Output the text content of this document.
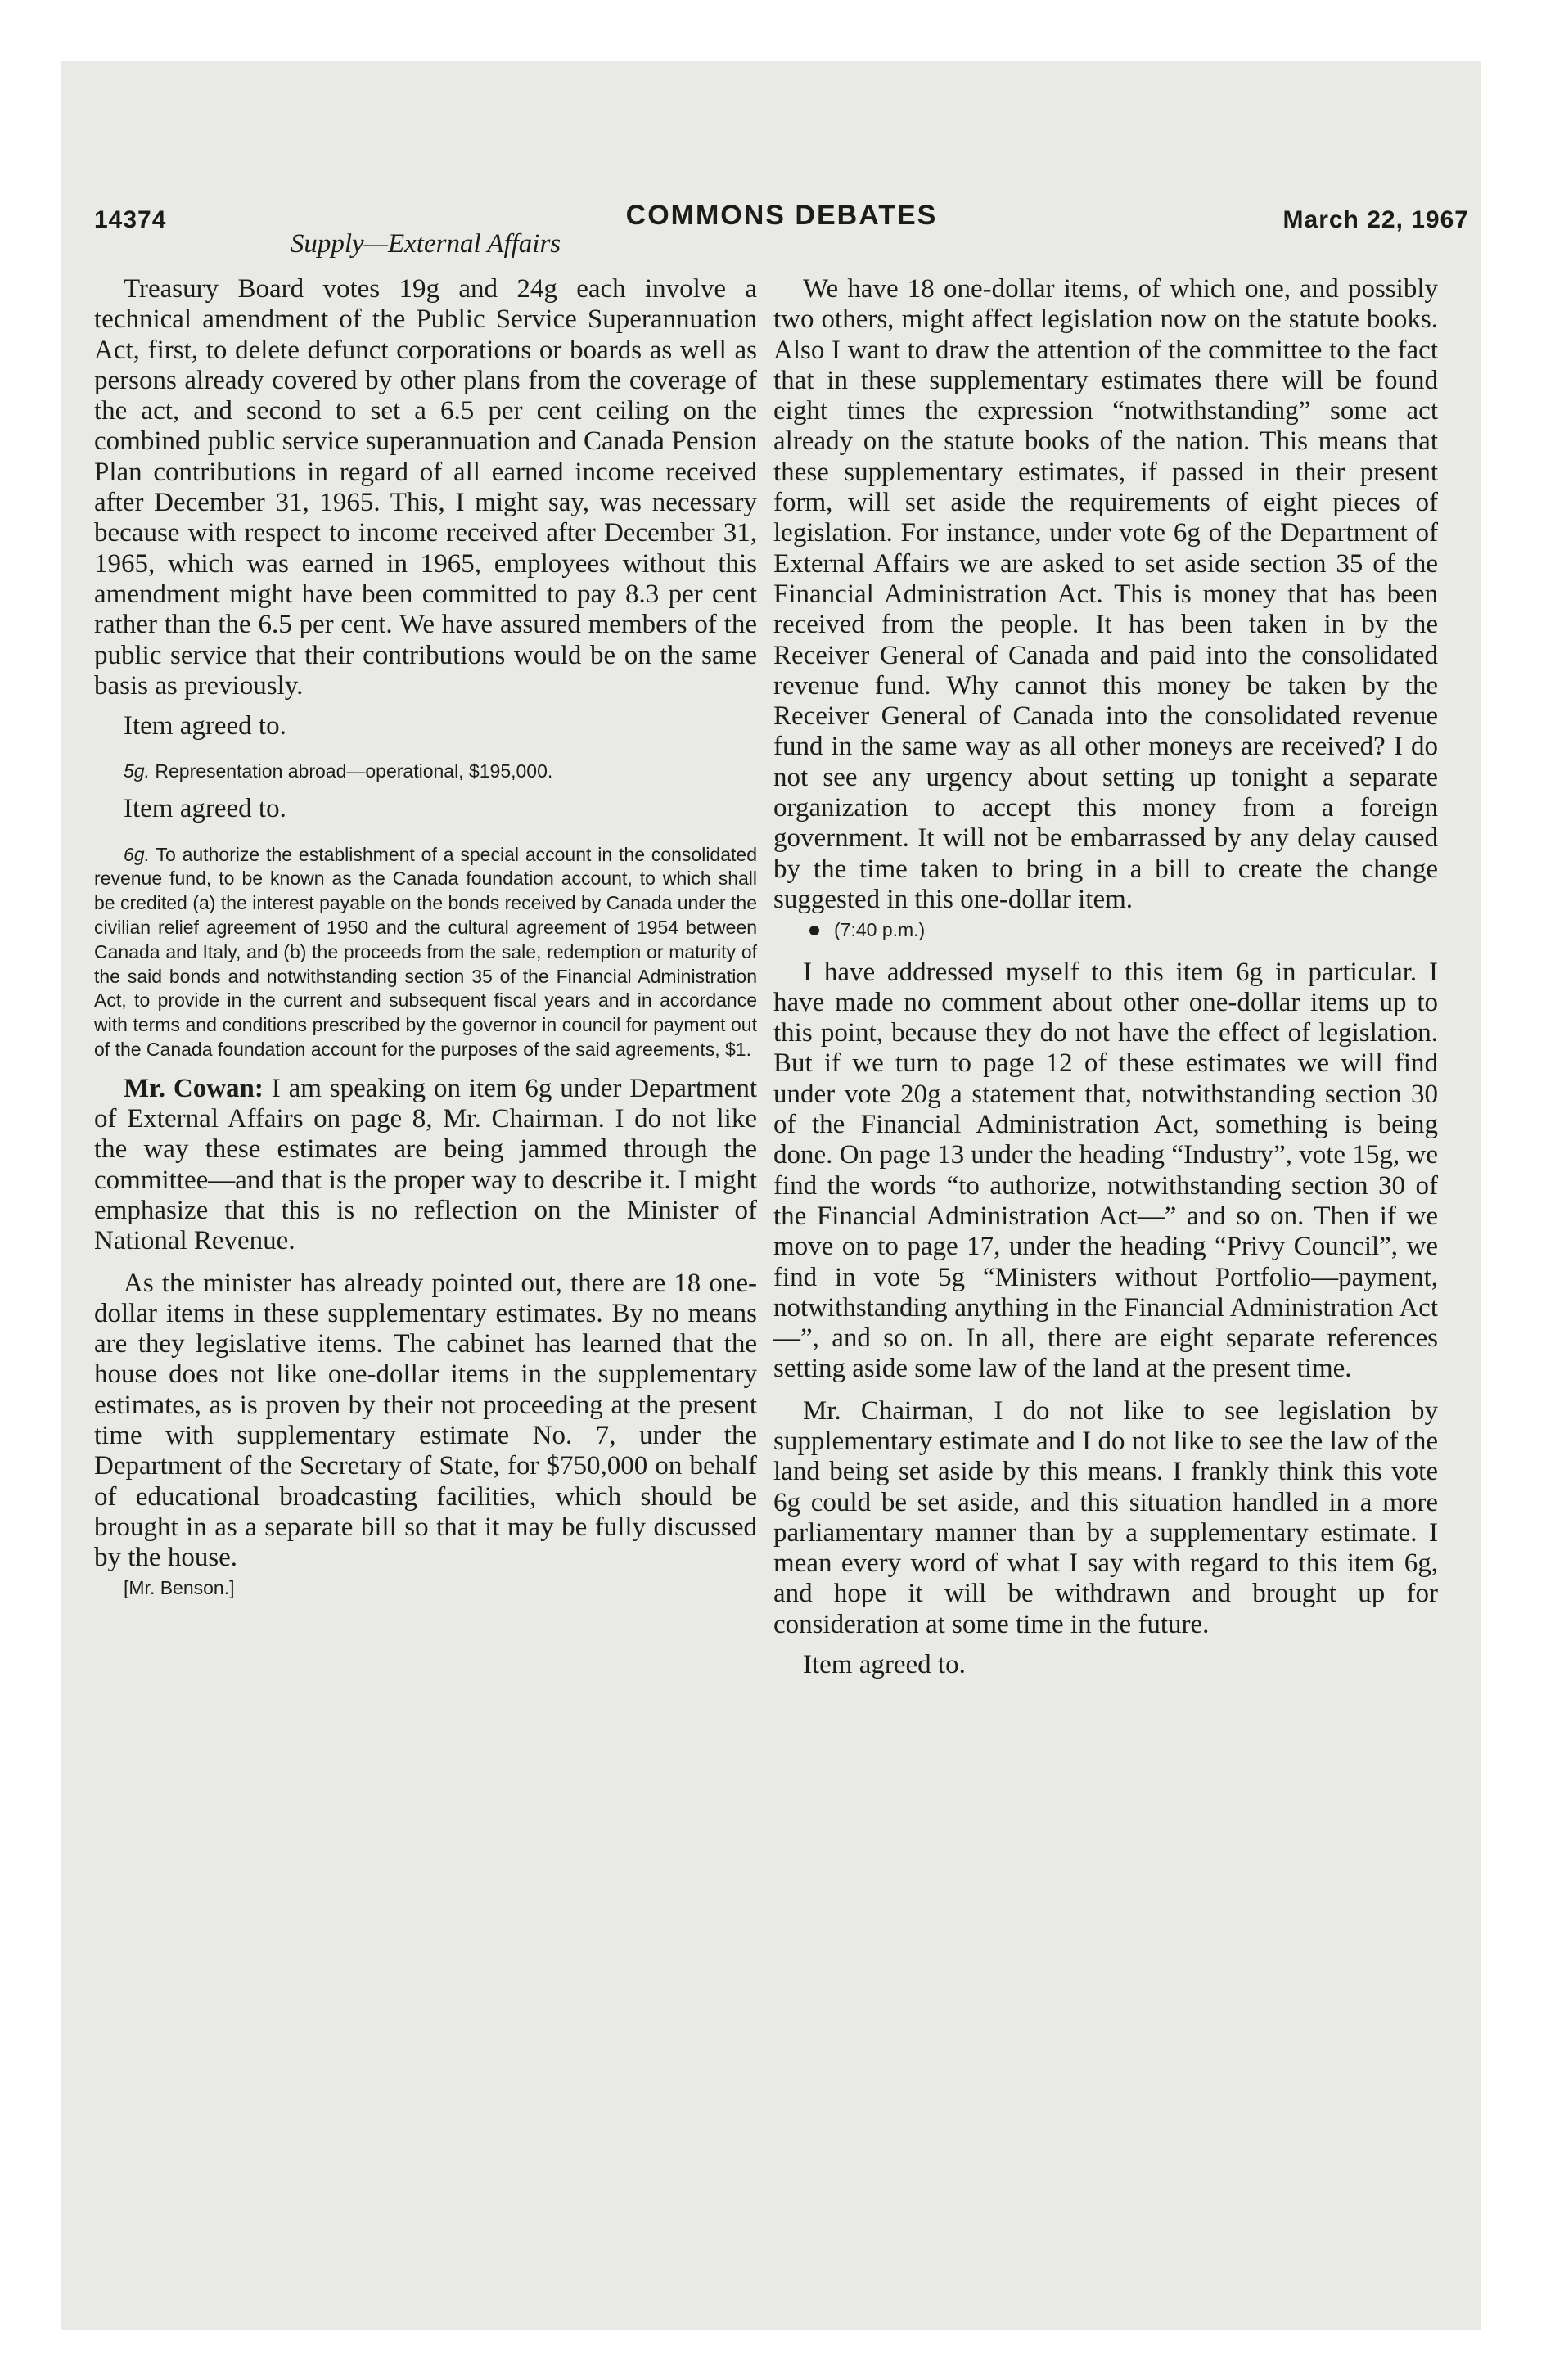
14374	COMMONS DEBATES	March 22, 1967
Supply—External Affairs

Treasury Board votes 19g and 24g each involve a technical amendment of the Public Service Superannuation Act, first, to delete defunct corporations or boards as well as persons already covered by other plans from the coverage of the act, and second to set a 6.5 per cent ceiling on the combined public service superannuation and Canada Pension Plan contributions in regard of all earned income received after December 31, 1965. This, I might say, was necessary because with respect to income received after December 31, 1965, which was earned in 1965, employees without this amendment might have been committed to pay 8.3 per cent rather than the 6.5 per cent. We have assured members of the public service that their contributions would be on the same basis as previously.

Item agreed to.

5g. Representation abroad—operational, $195,000.

Item agreed to.

6g. To authorize the establishment of a special account in the consolidated revenue fund, to be known as the Canada foundation account, to which shall be credited (a) the interest payable on the bonds received by Canada under the civilian relief agreement of 1950 and the cultural agreement of 1954 between Canada and Italy, and (b) the proceeds from the sale, redemption or maturity of the said bonds and notwithstanding section 35 of the Financial Administration Act, to provide in the current and subsequent fiscal years and in accordance with terms and conditions prescribed by the governor in council for payment out of the Canada foundation account for the purposes of the said agreements, $1.

Mr. Cowan: I am speaking on item 6g under Department of External Affairs on page 8, Mr. Chairman. I do not like the way these estimates are being jammed through the committee—and that is the proper way to describe it. I might emphasize that this is no reflection on the Minister of National Revenue.

As the minister has already pointed out, there are 18 one-dollar items in these supplementary estimates. By no means are they legislative items. The cabinet has learned that the house does not like one-dollar items in the supplementary estimates, as is proven by their not proceeding at the present time with supplementary estimate No. 7, under the Department of the Secretary of State, for $750,000 on behalf of educational broadcasting facilities, which should be brought in as a separate bill so that it may be fully discussed by the house.

[Mr. Benson.]

We have 18 one-dollar items, of which one, and possibly two others, might affect legislation now on the statute books. Also I want to draw the attention of the committee to the fact that in these supplementary estimates there will be found eight times the expression “notwithstanding” some act already on the statute books of the nation. This means that these supplementary estimates, if passed in their present form, will set aside the requirements of eight pieces of legislation. For instance, under vote 6g of the Department of External Affairs we are asked to set aside section 35 of the Financial Administration Act. This is money that has been received from the people. It has been taken in by the Receiver General of Canada and paid into the consolidated revenue fund. Why cannot this money be taken by the Receiver General of Canada into the consolidated revenue fund in the same way as all other moneys are received? I do not see any urgency about setting up tonight a separate organization to accept this money from a foreign government. It will not be embarrassed by any delay caused by the time taken to bring in a bill to create the change suggested in this one-dollar item.

(7:40 p.m.)

I have addressed myself to this item 6g in particular. I have made no comment about other one-dollar items up to this point, because they do not have the effect of legislation. But if we turn to page 12 of these estimates we will find under vote 20g a statement that, notwithstanding section 30 of the Financial Administration Act, something is being done. On page 13 under the heading “Industry”, vote 15g, we find the words “to authorize, notwithstanding section 30 of the Financial Administration Act—” and so on. Then if we move on to page 17, under the heading “Privy Council”, we find in vote 5g “Ministers without Portfolio—payment, notwithstanding anything in the Financial Administration Act—”, and so on. In all, there are eight separate references setting aside some law of the land at the present time.

Mr. Chairman, I do not like to see legislation by supplementary estimate and I do not like to see the law of the land being set aside by this means. I frankly think this vote 6g could be set aside, and this situation handled in a more parliamentary manner than by a supplementary estimate. I mean every word of what I say with regard to this item 6g, and hope it will be withdrawn and brought up for consideration at some time in the future.

Item agreed to.
